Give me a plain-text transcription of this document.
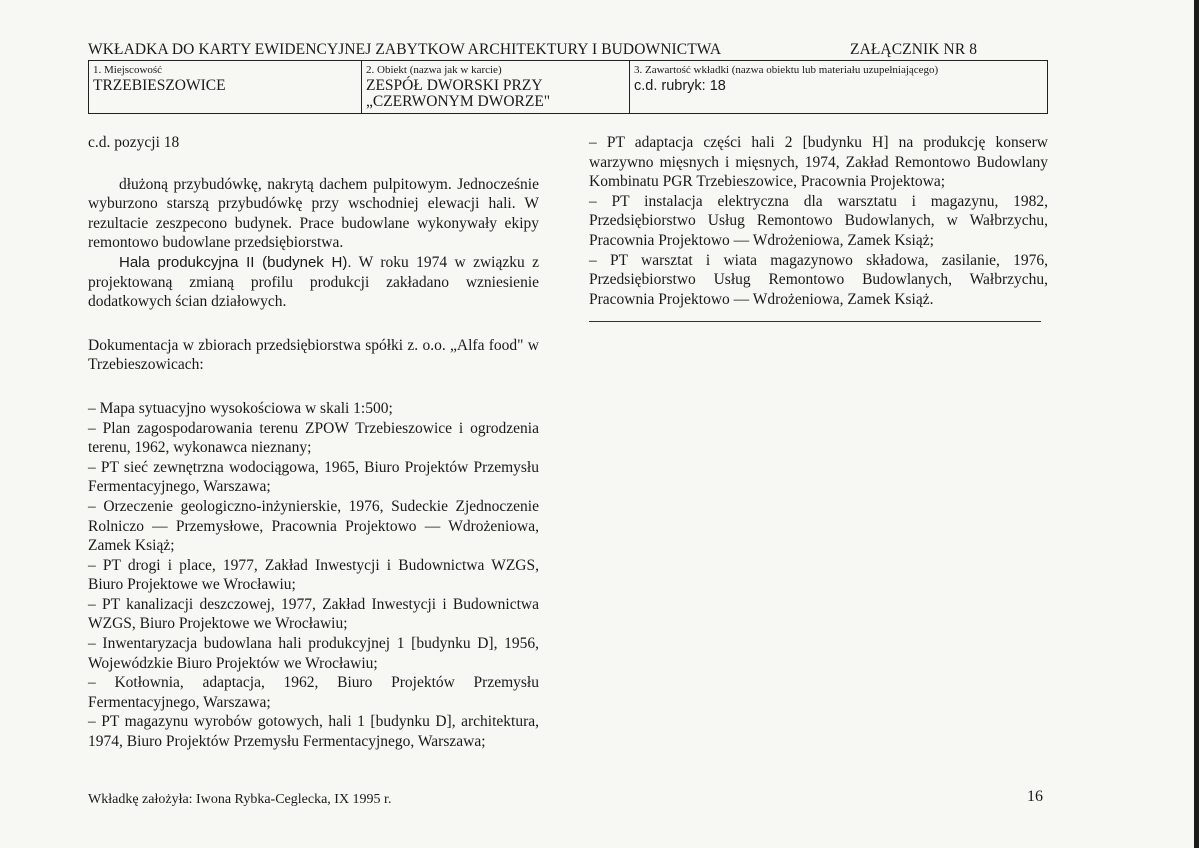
WKŁADKA DO KARTY EWIDENCYJNEJ ZABYTKOW ARCHITEKTURY I BUDOWNICTWA	ZAŁĄCZNIK NR 8
1. Miejscowość
TRZEBIESZOWICE
2. Obiekt (nazwa jak w karcie)
ZESPÓŁ DWORSKI PRZY
„CZERWONYM DWORZE"
3. Zawartość wkładki (nazwa obiektu lub materiału uzupełniającego)
c.d. rubryk: 18

c.d. pozycji 18

dłużoną przybudówkę, nakrytą dachem pulpitowym. Jednocześnie wyburzono starszą przybudówkę przy wschodniej elewacji hali. W rezultacie zeszpecono budynek. Prace budowlane wykonywały ekipy remontowo budowlane przedsiębiorstwa.

Hala produkcyjna II (budynek H). W roku 1974 w związku z projektowaną zmianą profilu produkcji zakładano wzniesienie dodatkowych ścian działowych.

Dokumentacja w zbiorach przedsiębiorstwa spółki z. o.o. „Alfa food" w Trzebieszowicach:

– Mapa sytuacyjno wysokościowa w skali 1:500;

– Plan zagospodarowania terenu ZPOW Trzebieszowice i ogrodzenia terenu, 1962, wykonawca nieznany;

– PT sieć zewnętrzna wodociągowa, 1965, Biuro Projektów Przemysłu Fermentacyjnego, Warszawa;

– Orzeczenie geologiczno-inżynierskie, 1976, Sudeckie Zjednoczenie Rolniczo — Przemysłowe, Pracownia Projektowo — Wdrożeniowa, Zamek Książ;

– PT drogi i place, 1977, Zakład Inwestycji i Budownictwa WZGS, Biuro Projektowe we Wrocławiu;

– PT kanalizacji deszczowej, 1977, Zakład Inwestycji i Budownictwa WZGS, Biuro Projektowe we Wrocławiu;

– Inwentaryzacja budowlana hali produkcyjnej 1 [budynku D], 1956, Wojewódzkie Biuro Projektów we Wrocławiu;

– Kotłownia, adaptacja, 1962, Biuro Projektów Przemysłu Fermentacyjnego, Warszawa;

– PT magazynu wyrobów gotowych, hali 1 [budynku D], architektura, 1974, Biuro Projektów Przemysłu Fermentacyjnego, Warszawa;

– PT adaptacja części hali 2 [budynku H] na produkcję konserw warzywno mięsnych i mięsnych, 1974, Zakład Remontowo Budowlany Kombinatu PGR Trzebieszowice, Pracownia Projektowa;

– PT instalacja elektryczna dla warsztatu i magazynu, 1982, Przedsiębiorstwo Usług Remontowo Budowlanych, w Wałbrzychu, Pracownia Projektowo — Wdrożeniowa, Zamek Książ;

– PT warsztat i wiata magazynowo składowa, zasilanie, 1976, Przedsiębiorstwo Usług Remontowo Budowlanych, Wałbrzychu, Pracownia Projektowo — Wdrożeniowa, Zamek Książ.

Wkładkę założyła: Iwona Rybka-Ceglecka, IX 1995 r.	16
